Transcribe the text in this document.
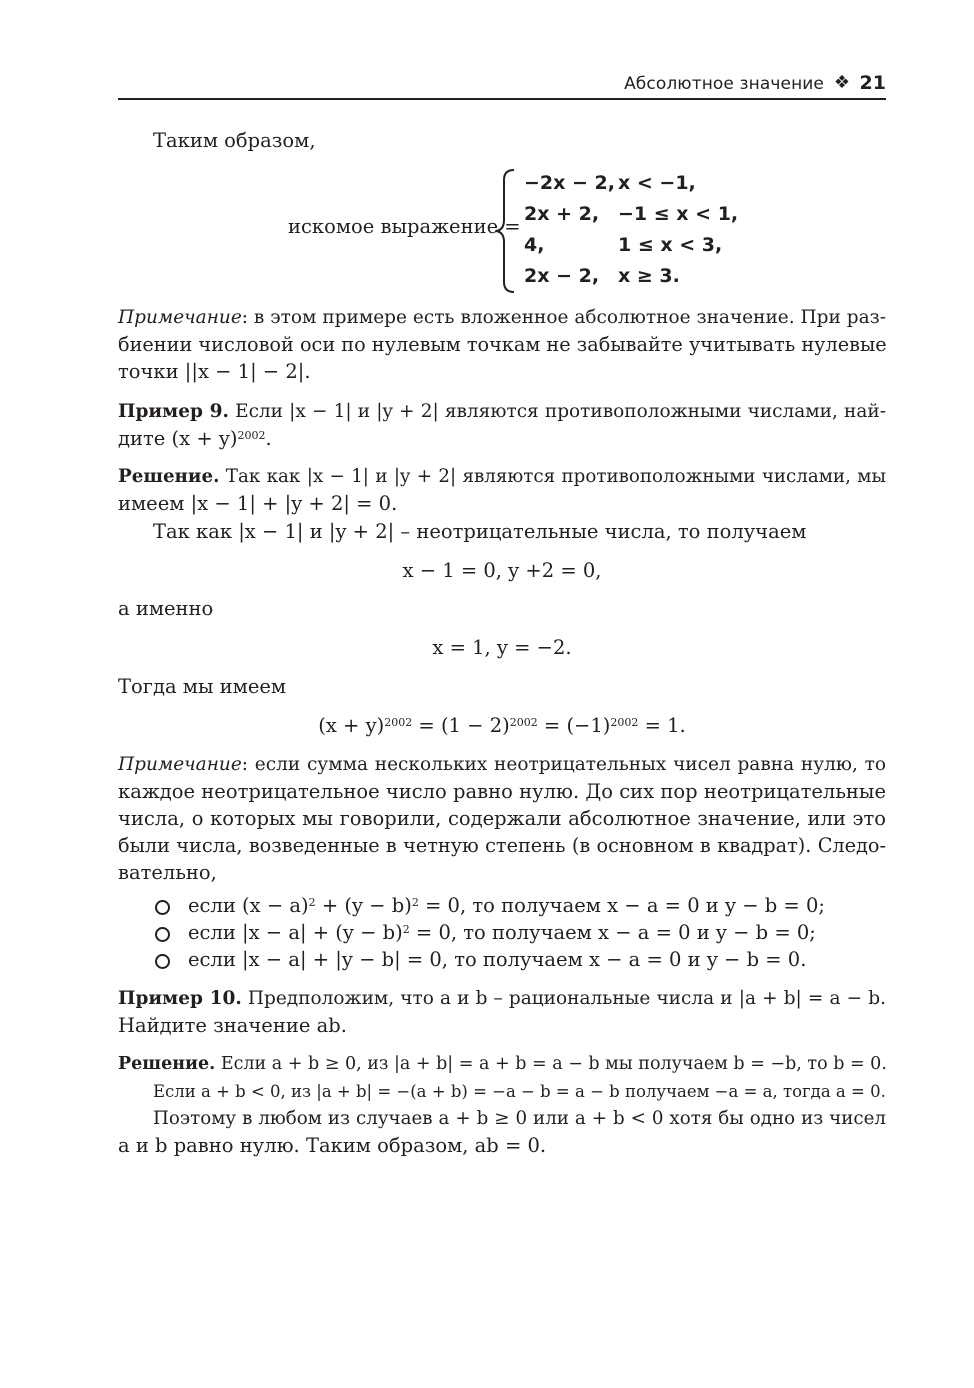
Абсолютное значение ❖ 21
Таким образом,
искомое выражение =
−2x − 2, x < −1,
2x + 2, −1 ≤ x < 1,
4,	1 ≤ x < 3,
2x − 2, x ≥ 3.
Примечание: в этом примере есть вложенное абсолютное значение. При раз-
биении числовой оси по нулевым точкам не забывайте учитывать нулевые
точки ||x − 1| − 2|.
Пример 9. Если |x − 1| и |y + 2| являются противоположными числами, най-
дите $(x + y)^{2002}$.
Решение. Так как |x − 1| и |y + 2| являются противоположными числами, мы
имеем |x − 1| + |y + 2| = 0.
Так как |x − 1| и |y + 2| – неотрицательные числа, то получаем
x − 1 = 0, y +2 = 0,
а именно
x = 1, y = −2.
Тогда мы имеем
$(x + y)^{2002} = (1 - 2)^{2002} = (-1)^{2002} = 1$.
Примечание: если сумма нескольких неотрицательных чисел равна нулю, то
каждое неотрицательное число равно нулю. До сих пор неотрицательные
числа, о которых мы говорили, содержали абсолютное значение, или это
были числа, возведенные в четную степень (в основном в квадрат). Следо-
вательно,
если $(x - a)^2 + (y - b)^2 = 0$, то получаем x − a = 0 и y − b = 0;
если $|x - a| + (y - b)^2 = 0$, то получаем x − a = 0 и y − b = 0;
если |x − a| + |y − b| = 0, то получаем x − a = 0 и y − b = 0.
Пример 10. Предположим, что a и b – рациональные числа и |a + b| = a − b.
Найдите значение ab.
Решение. Если a + b ≥ 0, из |a + b| = a + b = a − b мы получаем b = −b, то b = 0.
Если a + b < 0, из |a + b| = −(a + b) = −a − b = a − b получаем −a = a, тогда a = 0.
Поэтому в любом из случаев a + b ≥ 0 или a + b < 0 хотя бы одно из чисел
a и b равно нулю. Таким образом, ab = 0.
